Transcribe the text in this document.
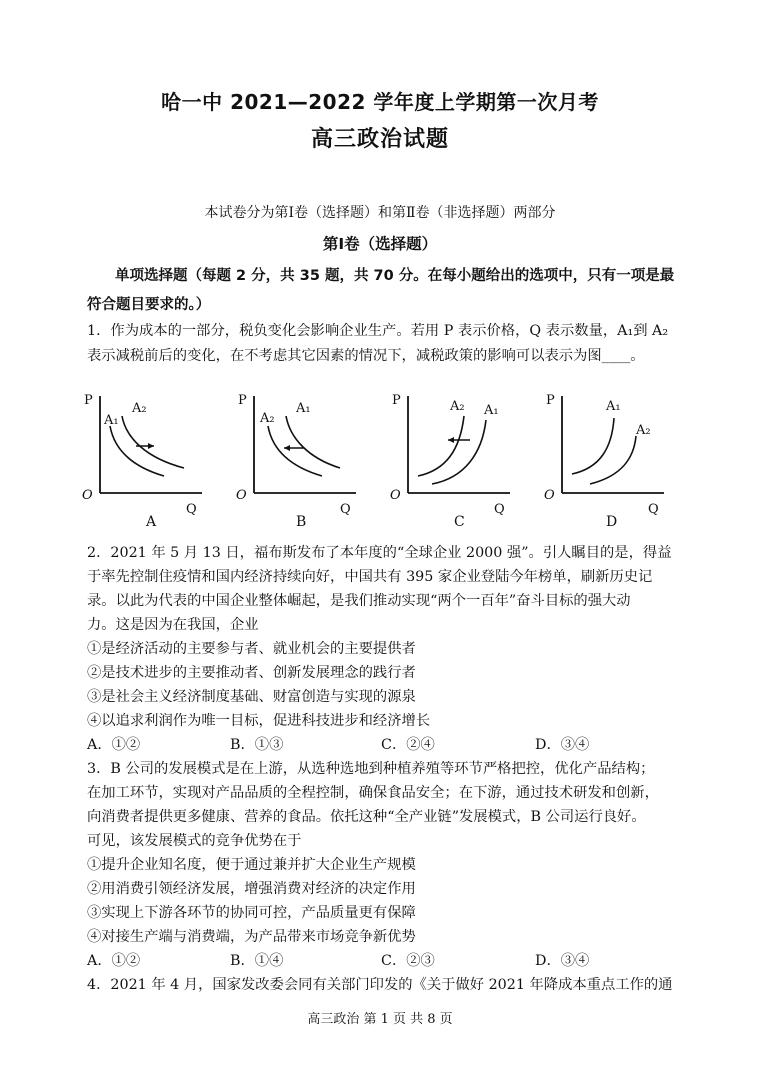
哈一中 2021—2022 学年度上学期第一次月考
高三政治试题
本试卷分为第Ⅰ卷（选择题）和第Ⅱ卷（非选择题）两部分
第Ⅰ卷（选择题）
单项选择题（每题 2 分，共 35 题，共 70 分。在每小题给出的选项中，只有一项是最
符合题目要求的。）
1．作为成本的一部分，税负变化会影响企业生产。若用 P 表示价格，Q 表示数量，A₁到 A₂
表示减税前后的变化，在不考虑其它因素的情况下，减税政策的影响可以表示为图____。
P
Q
O
A₁
A₂
A
P
Q
O
A₂
A₁
B
P
Q
O
A₂ A₁
C
P
Q
O
A₁
A₂
D
2．2021 年 5 月 13 日，福布斯发布了本年度的“全球企业 2000 强”。引人瞩目的是，得益
于率先控制住疫情和国内经济持续向好，中国共有 395 家企业登陆今年榜单，刷新历史记
录。以此为代表的中国企业整体崛起，是我们推动实现“两个一百年”奋斗目标的强大动
力。这是因为在我国，企业
①是经济活动的主要参与者、就业机会的主要提供者
②是技术进步的主要推动者、创新发展理念的践行者
③是社会主义经济制度基础、财富创造与实现的源泉
④以追求利润作为唯一目标，促进科技进步和经济增长
A．①②	B．①③	C．②④	D．③④
3．B 公司的发展模式是在上游，从选种选地到种植养殖等环节严格把控，优化产品结构；
在加工环节，实现对产品品质的全程控制，确保食品安全；在下游，通过技术研发和创新，
向消费者提供更多健康、营养的食品。依托这种“全产业链”发展模式，B 公司运行良好。
可见，该发展模式的竞争优势在于
①提升企业知名度，便于通过兼并扩大企业生产规模
②用消费引领经济发展，增强消费对经济的决定作用
③实现上下游各环节的协同可控，产品质量更有保障
④对接生产端与消费端，为产品带来市场竞争新优势
A．①②	B．①④	C．②③	D．③④
4．2021 年 4 月，国家发改委会同有关部门印发的《关于做好 2021 年降成本重点工作的通
高三政治 第 1 页 共 8 页
